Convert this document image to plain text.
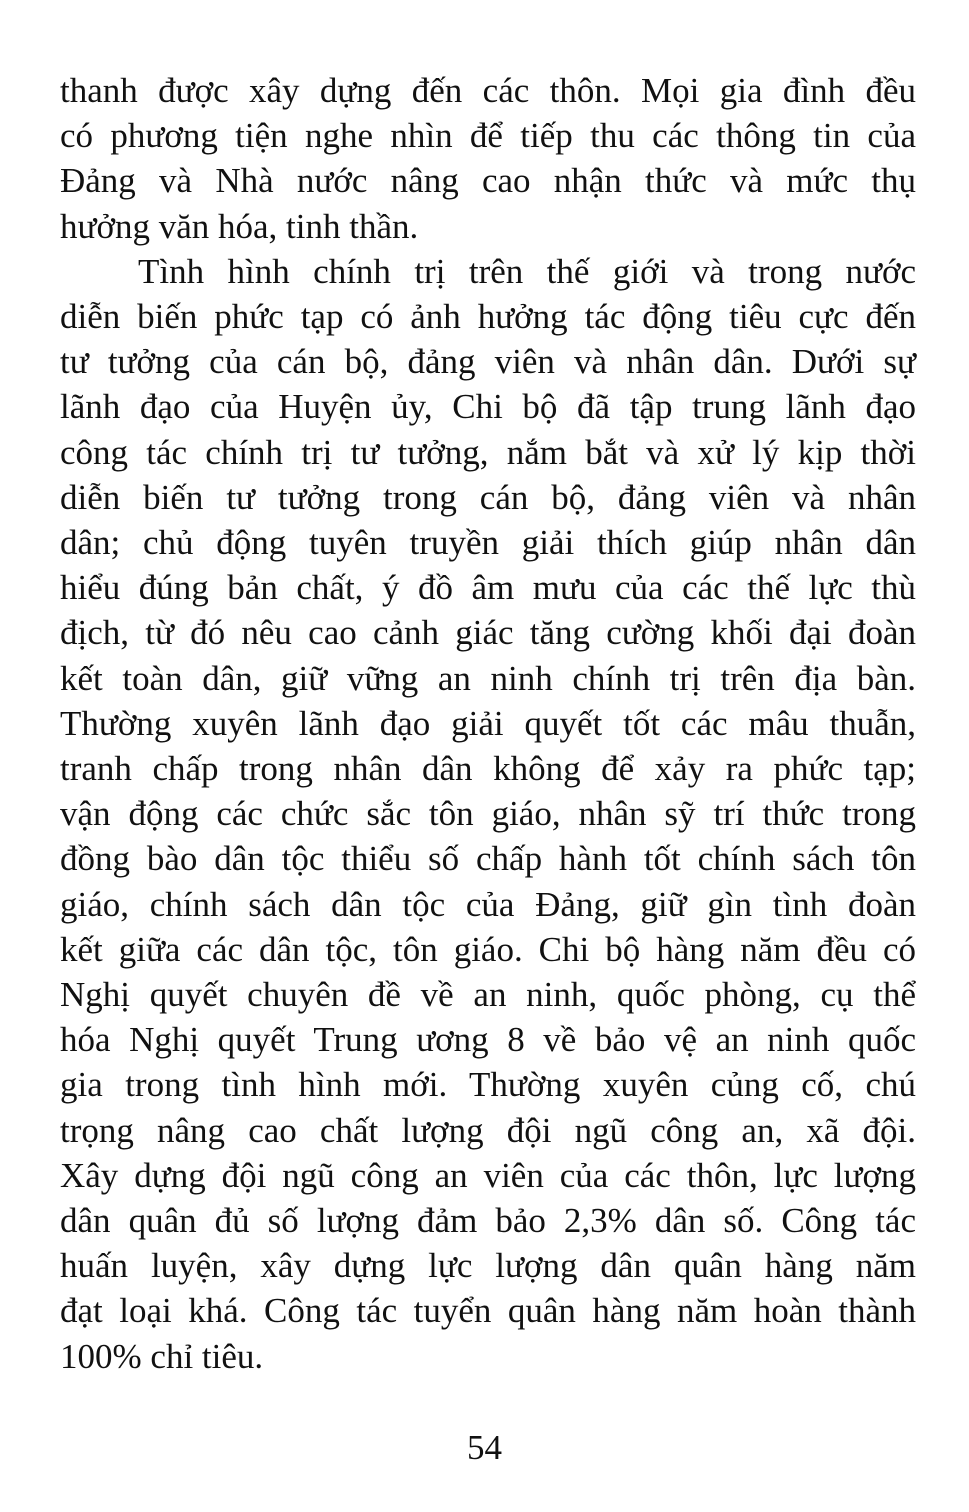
thanh được xây dựng đến các thôn. Mọi gia đình đều
có phương tiện nghe nhìn để tiếp thu các thông tin của
Đảng và Nhà nước nâng cao nhận thức và mức thụ
hưởng văn hóa, tinh thần.

Tình hình chính trị trên thế giới và trong nước
diễn biến phức tạp có ảnh hưởng tác động tiêu cực đến
tư tưởng của cán bộ, đảng viên và nhân dân. Dưới sự
lãnh đạo của Huyện ủy, Chi bộ đã tập trung lãnh đạo
công tác chính trị tư tưởng, nắm bắt và xử lý kịp thời
diễn biến tư tưởng trong cán bộ, đảng viên và nhân
dân; chủ động tuyên truyền giải thích giúp nhân dân
hiểu đúng bản chất, ý đồ âm mưu của các thế lực thù
địch, từ đó nêu cao cảnh giác tăng cường khối đại đoàn
kết toàn dân, giữ vững an ninh chính trị trên địa bàn.
Thường xuyên lãnh đạo giải quyết tốt các mâu thuẫn,
tranh chấp trong nhân dân không để xảy ra phức tạp;
vận động các chức sắc tôn giáo, nhân sỹ trí thức trong
đồng bào dân tộc thiểu số chấp hành tốt chính sách tôn
giáo, chính sách dân tộc của Đảng, giữ gìn tình đoàn
kết giữa các dân tộc, tôn giáo. Chi bộ hàng năm đều có
Nghị quyết chuyên đề về an ninh, quốc phòng, cụ thể
hóa Nghị quyết Trung ương 8 về bảo vệ an ninh quốc
gia trong tình hình mới. Thường xuyên củng cố, chú
trọng nâng cao chất lượng đội ngũ công an, xã đội.
Xây dựng đội ngũ công an viên của các thôn, lực lượng
dân quân đủ số lượng đảm bảo 2,3% dân số. Công tác
huấn luyện, xây dựng lực lượng dân quân hàng năm
đạt loại khá. Công tác tuyển quân hàng năm hoàn thành
100% chỉ tiêu.

54
